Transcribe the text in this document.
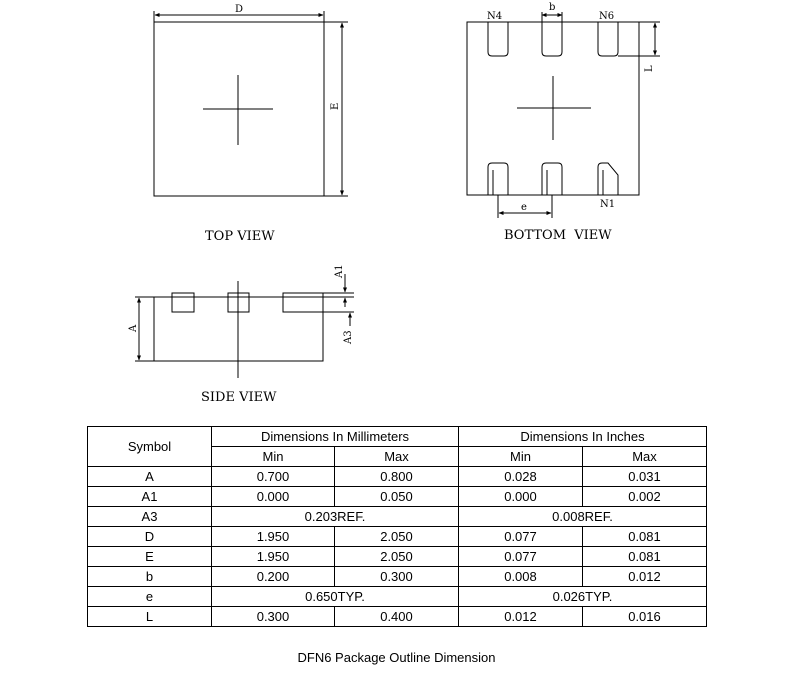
D
E
TOP VIEW
N4	N6
b
L
N1
e
BOTTOM  VIEW
A
A1
A3
SIDE VIEW
Symbol	Dimensions In Millimeters		Dimensions In Inches	
	Min	Max	Min	Max
A	0.700	0.800	0.028	0.031
A1	0.000	0.050	0.000	0.002
A3	0.203REF.		0.008REF.	
D	1.950	2.050	0.077	0.081
E	1.950	2.050	0.077	0.081
b	0.200	0.300	0.008	0.012
e	0.650TYP.		0.026TYP.	
L	0.300	0.400	0.012	0.016
DFN6 Package Outline Dimension
